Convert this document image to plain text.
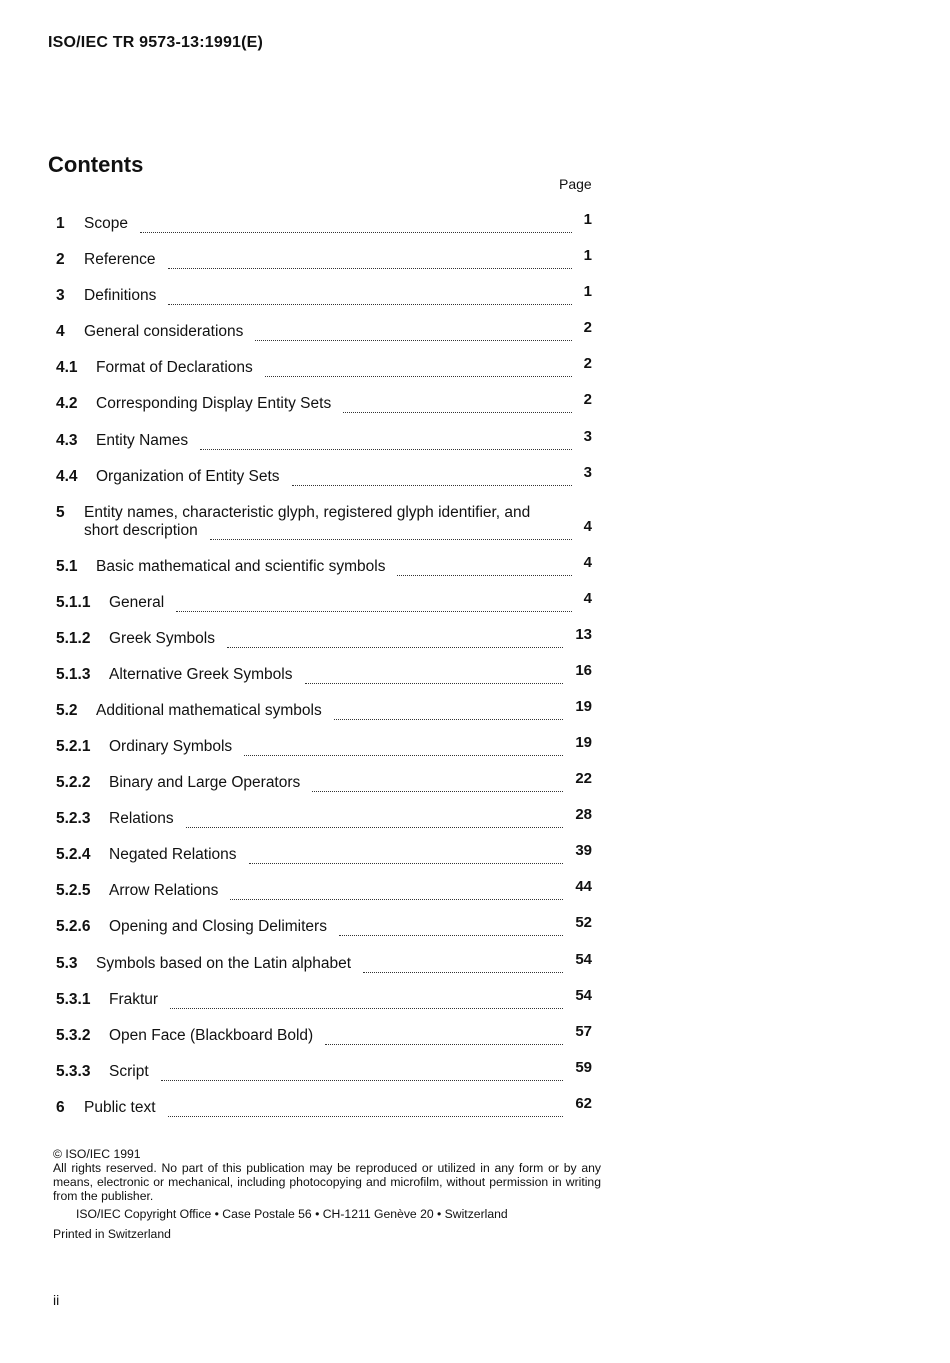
ISO/IEC TR 9573-13:1991(E)
Contents
Page
1 Scope	1
2 Reference	1
3 Definitions	1
4 General considerations	2
4.1 Format of Declarations	2
4.2 Corresponding Display Entity Sets	2
4.3 Entity Names	3
4.4 Organization of Entity Sets	3
5 Entity names, characteristic glyph, registered glyph identifier, and
short description	4
5.1 Basic mathematical and scientific symbols	4
5.1.1 General	4
5.1.2 Greek Symbols	13
5.1.3 Alternative Greek Symbols	16
5.2 Additional mathematical symbols	19
5.2.1 Ordinary Symbols	19
5.2.2 Binary and Large Operators	22
5.2.3 Relations	28
5.2.4 Negated Relations	39
5.2.5 Arrow Relations	44
5.2.6 Opening and Closing Delimiters	52
5.3 Symbols based on the Latin alphabet	54
5.3.1 Fraktur	54
5.3.2 Open Face (Blackboard Bold)	57
5.3.3 Script	59
6 Public text	62
© ISO/IEC 1991

All rights reserved. No part of this publication may be reproduced or utilized in any form or by any means, electronic or mechanical, including photocopying and microfilm, without permission in writing from the publisher.

ISO/IEC Copyright Office • Case Postale 56 • CH-1211 Genève 20 • Switzerland

Printed in Switzerland

ii
